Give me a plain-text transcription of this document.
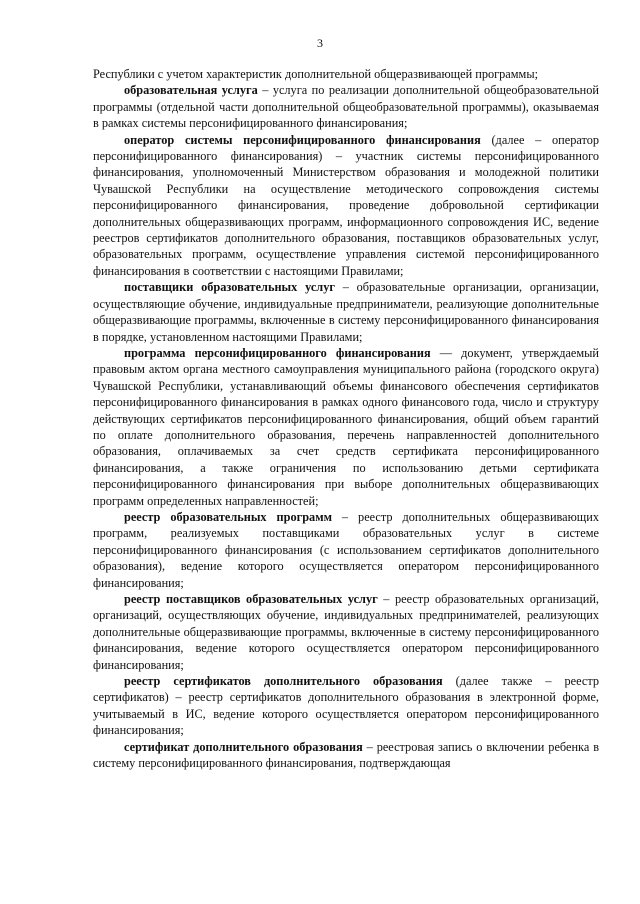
3

Республики с учетом характеристик дополнительной общеразвивающей программы;

образовательная услуга – услуга по реализации дополнительной общеобразовательной программы (отдельной части дополнительной общеобразовательной программы), оказываемая в рамках системы персонифицированного финансирования;

оператор системы персонифицированного финансирования (далее – оператор персонифицированного финансирования) – участник системы персонифицированного финансирования, уполномоченный Министерством образования и молодежной политики Чувашской Республики на осуществление методического сопровождения системы персонифицированного финансирования, проведение добровольной сертификации дополнительных общеразвивающих программ, информационного сопровождения ИС, ведение реестров сертификатов дополнительного образования, поставщиков образовательных услуг, образовательных программ, осуществление управления системой персонифицированного финансирования в соответствии с настоящими Правилами;

поставщики образовательных услуг – образовательные организации, организации, осуществляющие обучение, индивидуальные предприниматели, реализующие дополнительные общеразвивающие программы, включенные в систему персонифицированного финансирования в порядке, установленном настоящими Правилами;

программа персонифицированного финансирования — документ, утверждаемый правовым актом органа местного самоуправления муниципального района (городского округа) Чувашской Республики, устанавливающий объемы финансового обеспечения сертификатов персонифицированного финансирования в рамках одного финансового года, число и структуру действующих сертификатов персонифицированного финансирования, общий объем гарантий по оплате дополнительного образования, перечень направленностей дополнительного образования, оплачиваемых за счет средств сертификата персонифицированного финансирования, а также ограничения по использованию детьми сертификата персонифицированного финансирования при выборе дополнительных общеразвивающих программ определенных направленностей;

реестр образовательных программ – реестр дополнительных общеразвивающих программ, реализуемых поставщиками образовательных услуг в системе персонифицированного финансирования (с использованием сертификатов дополнительного образования), ведение которого осуществляется оператором персонифицированного финансирования;

реестр поставщиков образовательных услуг – реестр образовательных организаций, организаций, осуществляющих обучение, индивидуальных предпринимателей, реализующих дополнительные общеразвивающие программы, включенные в систему персонифицированного финансирования, ведение которого осуществляется оператором персонифицированного финансирования;

реестр сертификатов дополнительного образования (далее также – реестр сертификатов) – реестр сертификатов дополнительного образования в электронной форме, учитываемый в ИС, ведение которого осуществляется оператором персонифицированного финансирования;

сертификат дополнительного образования – реестровая запись о включении ребенка в систему персонифицированного финансирования, подтверждающая
